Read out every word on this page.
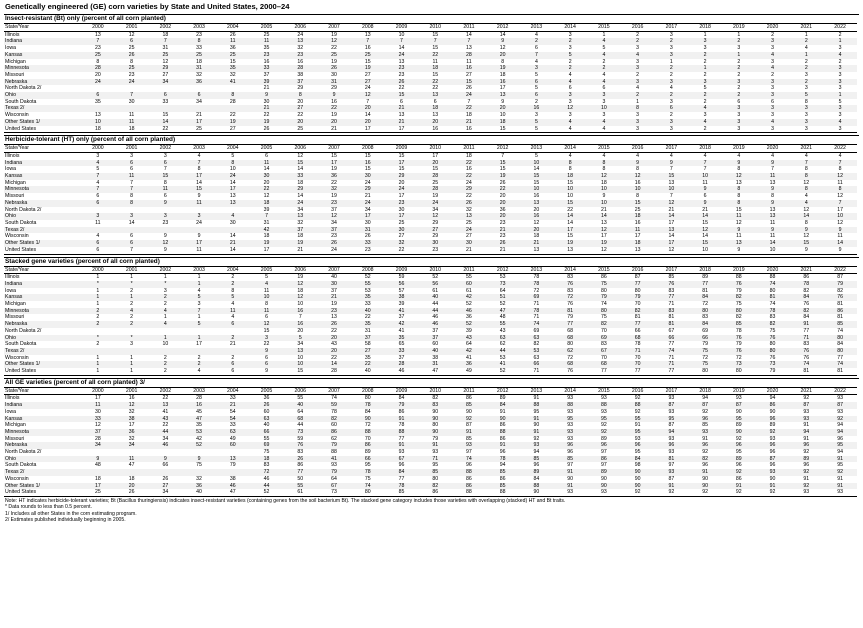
Genetically engineered (GE) corn varieties by State and United States, 2000–24
Insect-resistant (Bt) only (percent of all corn planted)
State/Year	2000	2001	2002	2003	2004	2005	2006	2007	2008	2009	2010	2011	2012	2013	2014	2015	2016	2017	2018	2019	2020	2021	2022
Illinois	13	12	18	23	26	25	24	19	13	10	15	14	14	4	3	1	2	3	1	1	2	1	2
Indiana	7	6	7	8	11	11	13	12	7	7	7	7	9	2	2	4	2	2	3	2	3	2	1
Iowa	23	25	31	33	36	35	32	22	16	14	15	13	12	6	3	5	3	3	3	3	3	4	3
Kansas	25	26	25	25	25	23	23	25	25	24	22	28	20	7	5	4	4	3	2	1	4	1	4
Michigan	8	8	12	18	15	16	16	19	15	13	11	11	8	4	2	2	3	1	2	2	3	2	2
Minnesota	28	25	29	31	35	33	28	26	19	23	18	16	19	3	2	2	3	2	1	2	4	2	3
Missouri	20	23	27	32	32	37	38	30	27	23	15	27	18	5	4	4	2	2	2	2	2	3	3
Nebraska	24	24	34	36	41	39	37	31	27	26	22	15	16	6	4	4	3	3	3	3	3	2	3
North Dakota 2/						21	29	29	24	22	22	26	17	5	6	6	4	4	5	2	3	3	3
Ohio	6	7	6	6	8	9	8	9	12	15	13	24	13	6	3	3	2	2	2	2	3	5	1
South Dakota	35	30	33	34	28	30	20	16	7	6	6	7	9	2	3	3	1	3	2	6	6	8	5
Texas 2/						21	27	22	20	21	18	22	20	16	12	10	8	6	4	3	3	3	3
Wisconsin	13	11	15	21	22	22	22	19	14	13	13	18	10	3	3	3	3	2	3	3	3	3	3
Other States 1/	10	11	14	17	19	19	20	20	20	21	20	21	18	5	4	4	3	3	4	3	4	3	4
United States	18	18	22	25	27	26	25	21	17	17	16	16	15	5	4	4	3	3	2	3	3	3	3
Herbicide-tolerant (HT) only (percent of all corn planted)
State/Year	2000	2001	2002	2003	2004	2005	2006	2007	2008	2009	2010	2011	2012	2013	2014	2015	2016	2017	2018	2019	2020	2021	2022
Illinois	3	3	3	4	5	6	12	15	15	15	17	18	7	5	4	4	4	4	4	4	4	4	4
Indiana	4	6	6	7	8	11	15	17	16	17	20	22	15	10	8	8	9	9	7	9	9	7	7
Iowa	5	6	7	8	10	14	14	19	15	15	15	16	15	14	8	8	8	7	7	8	7	8	8
Kansas	7	11	15	17	24	30	33	36	30	29	28	22	19	15	18	12	12	15	10	12	11	8	12
Michigan	4	7	8	14	14	20	18	22	24	20	25	24	26	15	15	18	16	13	11	13	13	12	11
Minnesota	7	7	11	15	17	22	29	32	29	24	28	29	22	10	10	10	10	10	9	8	9	8	8
Missouri	6	8	6	9	13	12	14	19	21	17	19	22	20	16	10	9	8	7	6	8	8	4	12
Nebraska	6	8	9	11	13	18	24	23	24	23	24	26	20	13	15	10	15	12	9	8	9	4	7
North Dakota 2/						39	34	37	34	30	34	32	36	20	22	21	25	21	21	15	13	12	17
Ohio	3	3	3	3	4	7	13	12	17	17	12	13	20	16	14	14	18	14	14	11	13	14	10
South Dakota	11	14	23	24	30	31	32	34	30	25	29	25	23	12	14	13	16	17	15	12	11	8	12
Texas 2/						42	37	37	31	30	27	24	21	20	17	12	11	13	12	9	9	9	9
Wisconsin	4	6	9	9	14	18	18	23	26	27	29	27	23	18	15	17	17	14	14	11	11	12	11
Other States 1/	6	6	12	17	21	19	19	26	33	32	30	30	26	21	19	19	18	17	15	13	14	15	14
United States	6	7	9	11	14	17	21	24	23	22	23	21	21	13	13	12	13	12	10	9	10	9	9
Stacked gene varieties (percent of all corn planted)
State/Year	2000	2001	2002	2003	2004	2005	2006	2007	2008	2009	2010	2011	2012	2013	2014	2015	2016	2017	2018	2019	2020	2021	2022
Illinois	1	1	1	1	2	5	19	40	52	59	52	55	53	78	83	86	87	85	89	88	88	86	87
Indiana	*	*	*	1	2	4	12	30	55	56	56	60	73	78	76	75	77	76	77	76	74	78	79
Iowa	1	2	3	4	8	11	18	37	53	57	61	61	64	72	83	80	80	83	81	79	80	82	82
Kansas	1	1	2	5	5	10	12	21	35	38	40	42	51	69	72	79	79	77	84	82	81	84	76
Michigan	1	2	2	3	4	8	10	19	33	39	44	52	52	71	76	74	70	71	72	75	74	76	81
Minnesota	2	4	4	7	11	11	16	23	40	41	44	46	47	78	81	80	82	83	80	80	78	82	86
Missouri	2	2	1	1	4	6	7	13	22	37	46	36	48	71	79	75	81	81	83	82	83	84	81
Nebraska	2	2	4	5	6	12	16	26	35	42	46	52	55	74	77	82	77	81	84	85	82	91	85
North Dakota 2/						15	20	22	31	41	37	39	43	69	68	70	66	67	69	78	75	77	74
Ohio	*	*	1	1	2	3	5	20	37	35	37	43	63	63	68	69	68	66	66	76	76	71	80
South Dakota	2	3	10	17	21	22	34	43	58	65	60	64	62	82	80	83	78	77	79	79	80	83	84
Texas 2/						9	13	20	27	33	40	42	44	53	62	67	71	74	75	76	80	76	80
Wisconsin	1	1	2	2	2	6	10	22	35	37	38	41	53	63	72	70	70	71	72	72	76	76	77
Other States 1/	1	1	2	2	6	6	10	14	22	28	31	36	41	66	68	68	70	71	75	73	73	74	74
United States	1	1	2	4	6	9	15	28	40	46	47	49	52	71	76	77	77	77	80	80	79	81	81
All GE varieties (percent of all corn planted) 3/
State/Year	2000	2001	2002	2003	2004	2005	2006	2007	2008	2009	2010	2011	2012	2013	2014	2015	2016	2017	2018	2019	2020	2021	2022
Illinois	17	16	22	28	33	36	55	74	80	84	82	86	89	91	93	93	92	93	94	93	94	92	93
Indiana	11	12	13	16	21	26	40	59	78	79	83	85	84	88	88	88	88	87	87	87	86	87	87
Iowa	30	32	41	45	54	60	64	78	84	86	90	90	91	95	93	93	92	93	92	90	90	93	93
Kansas	33	38	43	47	54	63	68	82	90	91	90	92	90	91	95	95	95	95	96	95	96	93	92
Michigan	12	17	22	35	33	40	44	60	72	78	80	87	86	90	93	92	91	87	85	89	89	91	94
Minnesota	37	36	44	53	63	66	73	86	88	88	90	91	88	91	93	92	95	94	93	90	92	94	94
Missouri	28	32	34	42	49	55	59	62	70	77	79	85	86	92	93	89	93	93	91	92	93	91	96
Nebraska	34	34	46	52	60	69	76	79	86	91	91	93	91	93	96	96	96	96	96	96	96	96	95
North Dakota 2/						75	83	88	89	93	93	97	96	94	96	97	95	93	92	95	96	92	94
Ohio	9	11	9	9	13	18	26	41	66	67	71	74	78	85	85	86	84	81	82	89	87	89	91
South Dakota	48	47	66	75	79	83	86	93	95	96	95	96	94	96	97	97	98	97	96	96	96	96	95
Texas 2/						72	77	79	78	84	85	88	85	89	91	89	90	93	91	92	93	92	92
Wisconsin	18	18	26	32	38	46	50	64	75	77	80	86	86	84	90	90	90	87	90	86	90	91	91
Other States 1/	17	20	27	36	46	44	55	67	74	78	82	86	85	88	91	90	90	91	90	91	91	92	91
United States	25	26	34	40	47	52	61	73	80	85	86	88	88	90	93	93	92	92	92	92	92	93	93
Note: HT indicates herbicide-tolerant varieties; Bt (Bacillus thuringiensis) indicates insect-resistant varieties (containing genes from the soil bacterium Bt). The stacked gene category includes those varieties with overlapping (stacked) HT and Bt traits.
* Data rounds to less than 0.5 percent.
1/ Includes all other States in the corn estimating program.
2/ Estimates published individually beginning in 2005.
